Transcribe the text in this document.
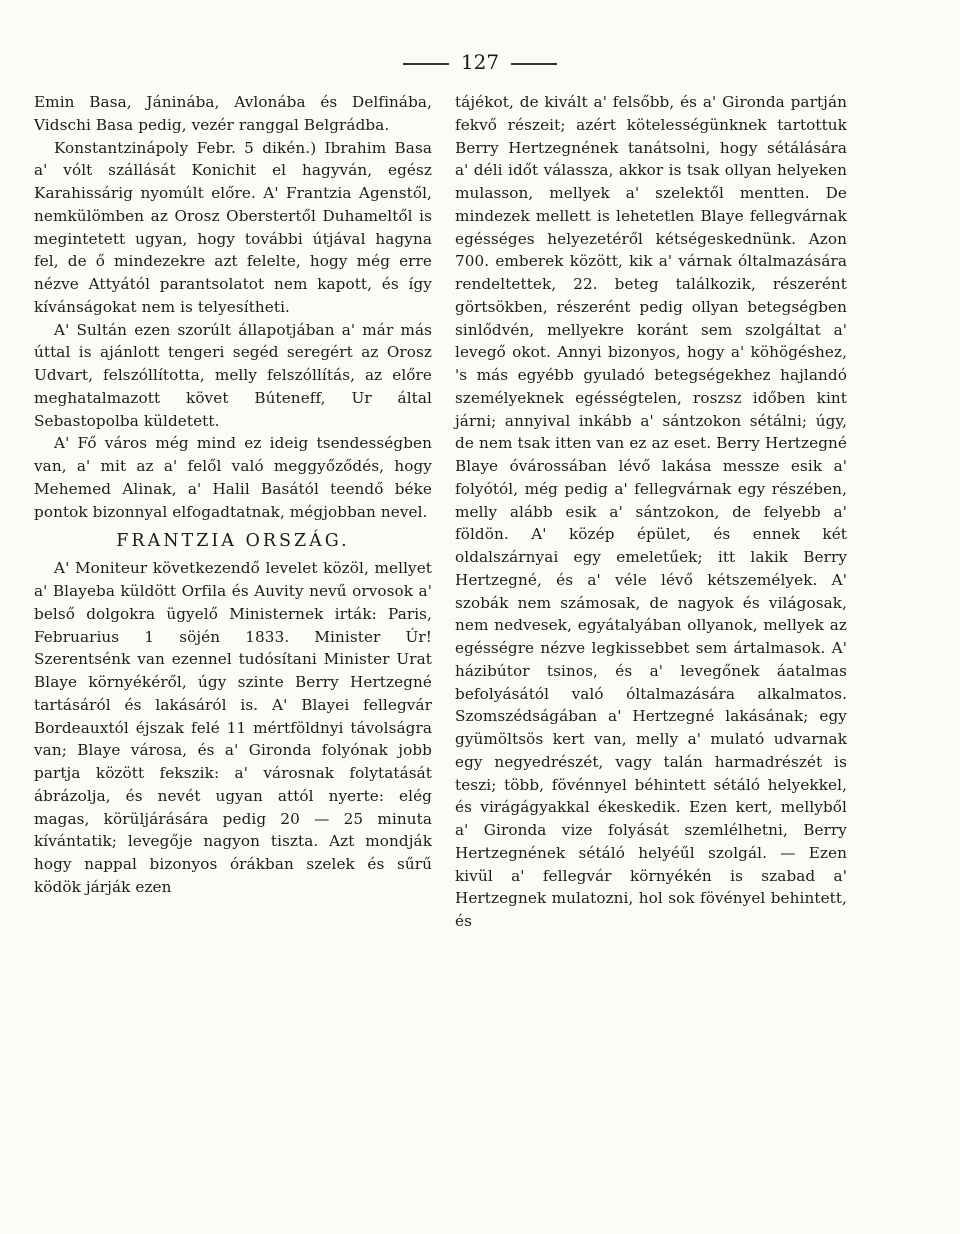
127

Emin Basa, Jáninába, Avlonába és Delfinába, Vidschi Basa pedig, vezér ranggal Belgrádba.

Konstantzinápoly Febr. 5 dikén.) Ibrahim Basa a' vólt szállását Konichit el hagyván, egész Karahissárig nyomúlt előre. A' Frantzia Agenstől, nemkülömben az Orosz Oberstertől Duhameltől is megintetett ugyan, hogy további útjával hagyna fel, de ő mindezekre azt felelte, hogy még erre nézve Attyától parantsolatot nem kapott, és így kívánságokat nem is telyesítheti.

A' Sultán ezen szorúlt állapotjában a' már más úttal is ajánlott tengeri segéd seregért az Orosz Udvart, felszóllította, melly felszóllítás, az előre meghatalmazott követ Búteneff, Ur által Sebastopolba küldetett.

A' Fő város még mind ez ideig tsendességben van, a' mit az a' felől való meggyőződés, hogy Mehemed Alinak, a' Halil Basától teendő béke pontok bizonnyal elfogadtatnak, mégjobban nevel.

FRANTZIA ORSZÁG.

A' Moniteur következendő levelet közöl, mellyet a' Blayeba küldött Orfila és Auvity nevű orvosok a' belső dolgokra ügyelő Ministernek irták: Paris, Februarius 1 söjén 1833. Minister Úr! Szerentsénk van ezennel tudósítani Minister Urat Blaye környékéről, úgy szinte Berry Hertzegné tartásáról és lakásáról is. A' Blayei fellegvár Bordeauxtól éjszak felé 11 mértföldnyi távolságra van; Blaye városa, és a' Gironda folyónak jobb partja között fekszik: a' városnak folytatását ábrázolja, és nevét ugyan attól nyerte: elég magas, körüljárására pedig 20 — 25 minuta kívántatik; levegője nagyon tiszta. Azt mondják hogy nappal bizonyos órákban szelek és sűrű ködök járják ezen

tájékot, de kivált a' felsőbb, és a' Gironda partján fekvő részeit; azért kötelességünknek tartottuk Berry Hertzegnének tanátsolni, hogy sétálására a' déli időt válassza, akkor is tsak ollyan helyeken mulasson, mellyek a' szelektől mentten. De mindezek mellett is lehetetlen Blaye fellegvárnak egésséges helyezetéről kétségeskednünk. Azon 700. emberek között, kik a' várnak óltalmazására rendeltettek, 22. beteg találkozik, részerént görtsökben, részerént pedig ollyan betegségben sinlődvén, mellyekre koránt sem szolgáltat a' levegő okot. Annyi bizonyos, hogy a' köhögéshez, 's más egyébb gyuladó betegségekhez hajlandó személyeknek egésségtelen, roszsz időben kint járni; annyival inkább a' sántzokon sétálni; úgy, de nem tsak itten van ez az eset. Berry Hertzegné Blaye óvárossában lévő lakása messze esik a' folyótól, még pedig a' fellegvárnak egy részében, melly alább esik a' sántzokon, de felyebb a' földön. A' közép épület, és ennek két oldalszárnyai egy emeletűek; itt lakik Berry Hertzegné, és a' véle lévő kétszemélyek. A' szobák nem számosak, de nagyok és világosak, nem nedvesek, egyátalyában ollyanok, mellyek az egésségre nézve legkissebbet sem ártalmasok. A' házibútor tsinos, és a' levegőnek áatalmas befolyásától való óltalmazására alkalmatos. Szomszédságában a' Hertzegné lakásának; egy gyümöltsös kert van, melly a' mulató udvarnak egy negyedrészét, vagy talán harmadrészét is teszi; több, fövénnyel béhintett sétáló helyekkel, és virágágyakkal ékeskedik. Ezen kert, mellyből a' Gironda vize folyását szemlélhetni, Berry Hertzegnének sétáló helyéűl szolgál. — Ezen kivül a' fellegvár környékén is szabad a' Hertzegnek mulatozni, hol sok fövényel behintett, és
